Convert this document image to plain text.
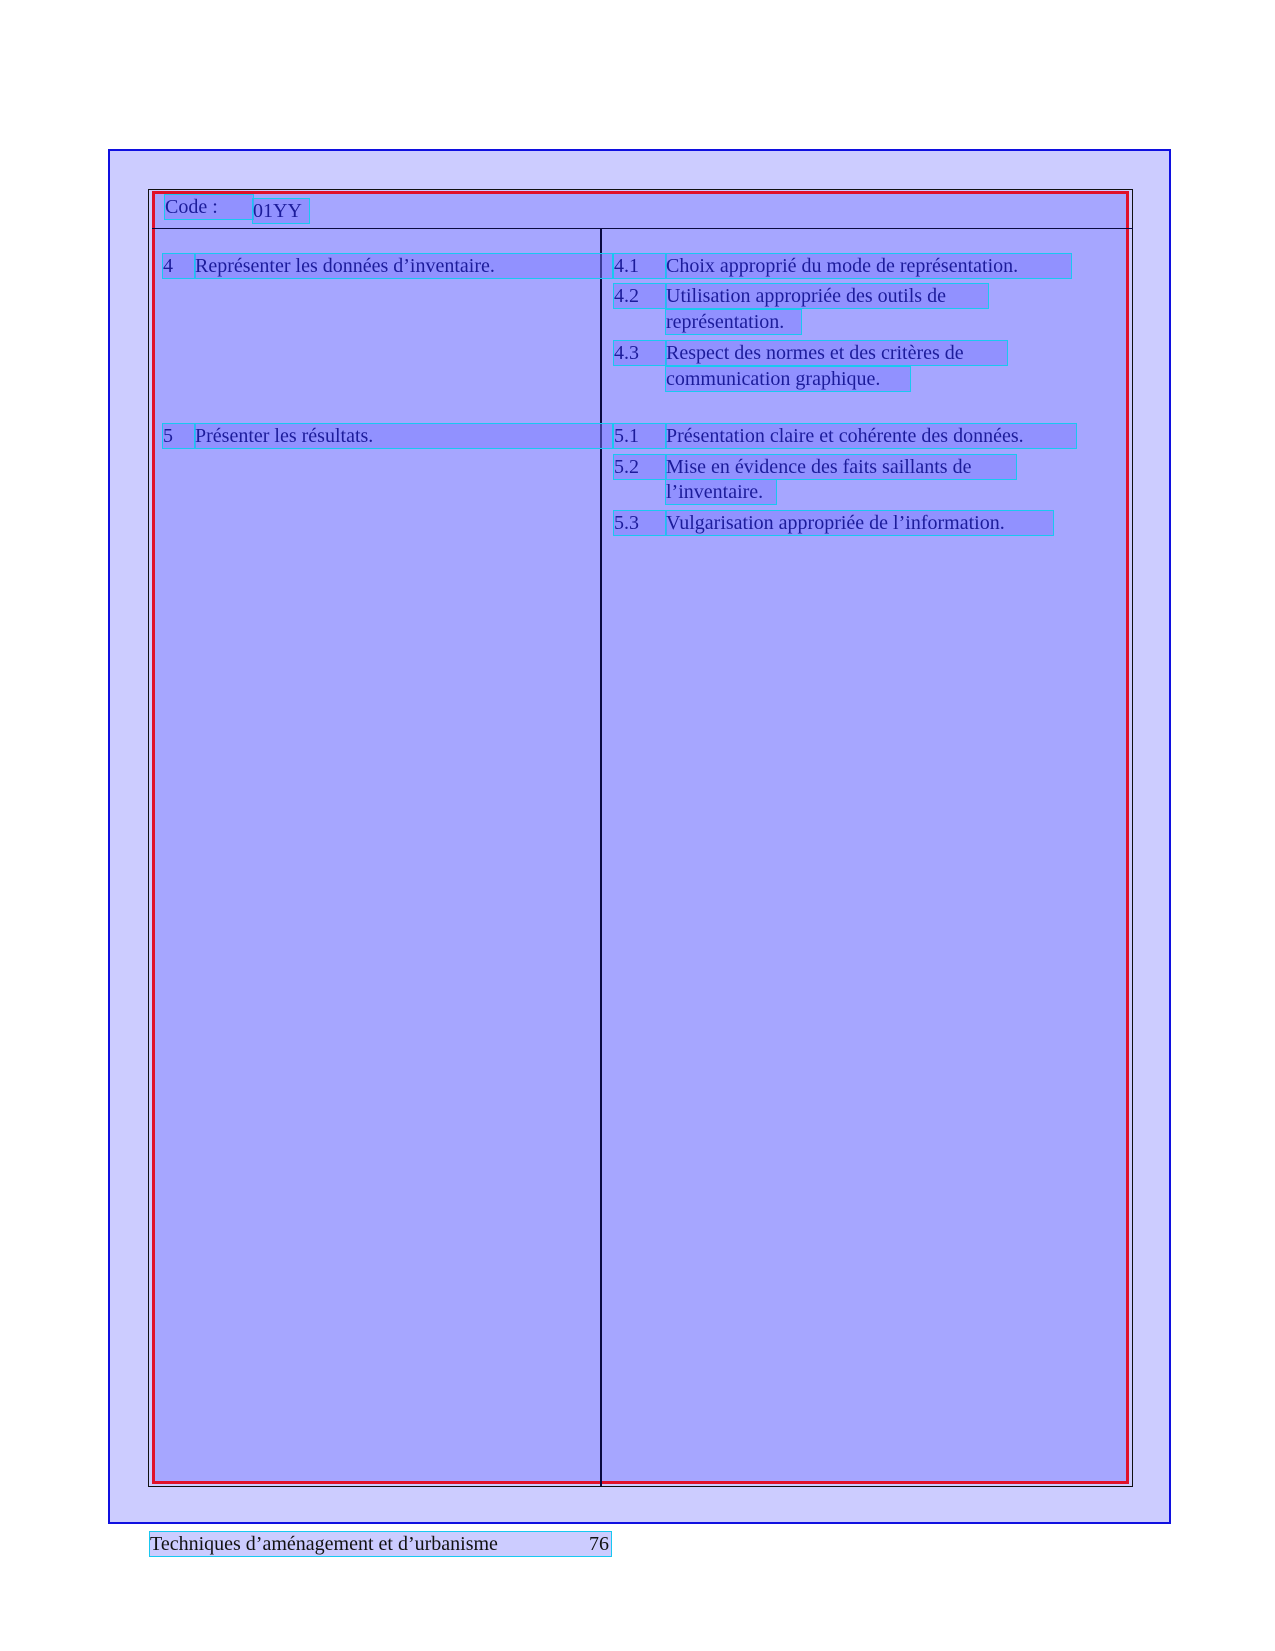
Code :	01YY
4	Représenter les données d’inventaire.	4.1	Choix approprié du mode de représentation.
4.2	Utilisation appropriée des outils de
représentation.
4.3	Respect des normes et des critères de
communication graphique.
5	Présenter les résultats.	5.1	Présentation claire et cohérente des données.
5.2	Mise en évidence des faits saillants de
l’inventaire.
5.3	Vulgarisation appropriée de l’information.
Techniques d’aménagement et d’urbanisme	76
